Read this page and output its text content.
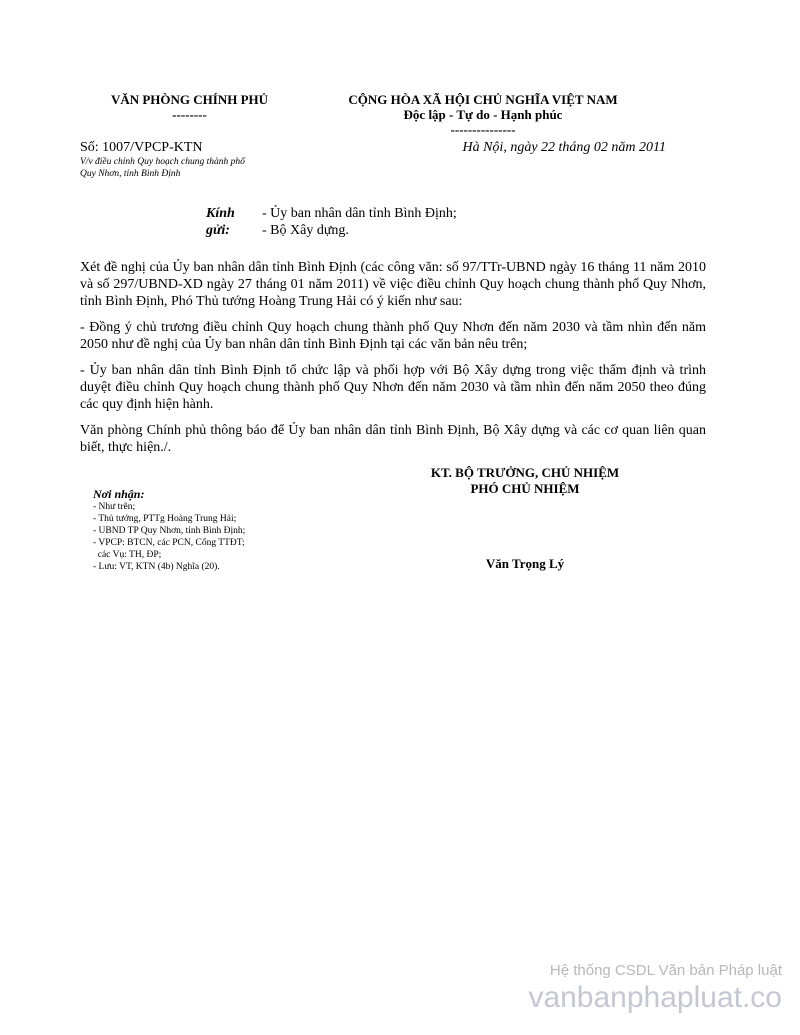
VĂN PHÒNG CHÍNH PHỦ
--------
CỘNG HÒA XÃ HỘI CHỦ NGHĨA VIỆT NAM
Độc lập - Tự do - Hạnh phúc
---------------
Số: 1007/VPCP-KTN
V/v điều chỉnh Quy hoạch chung thành phố
Quy Nhơn, tỉnh Bình Định
Hà Nội, ngày 22 tháng 02 năm 2011
Kính gửi:
- Ủy ban nhân dân tỉnh Bình Định;
- Bộ Xây dựng.

Xét đề nghị của Ủy ban nhân dân tỉnh Bình Định (các công văn: số 97/TTr-UBND ngày 16 tháng 11 năm 2010 và số 297/UBND-XD ngày 27 tháng 01 năm 2011) về việc điều chỉnh Quy hoạch chung thành phố Quy Nhơn, tỉnh Bình Định, Phó Thủ tướng Hoàng Trung Hải có ý kiến như sau:

- Đồng ý chủ trương điều chỉnh Quy hoạch chung thành phố Quy Nhơn đến năm 2030 và tầm nhìn đến năm 2050 như đề nghị của Ủy ban nhân dân tỉnh Bình Định tại các văn bản nêu trên;

- Ủy ban nhân dân tỉnh Bình Định tổ chức lập và phối hợp với Bộ Xây dựng trong việc thẩm định và trình duyệt điều chỉnh Quy hoạch chung thành phố Quy Nhơn đến năm 2030 và tầm nhìn đến năm 2050 theo đúng các quy định hiện hành.

Văn phòng Chính phủ thông báo để Ủy ban nhân dân tỉnh Bình Định, Bộ Xây dựng và các cơ quan liên quan biết, thực hiện./.

KT. BỘ TRƯỞNG, CHỦ NHIỆM
PHÓ CHỦ NHIỆM
Văn Trọng Lý
Nơi nhận:
- Như trên;
- Thủ tướng, PTTg Hoàng Trung Hải;
- UBND TP Quy Nhơn, tỉnh Bình Định;
- VPCP: BTCN, các PCN, Cổng TTĐT;
các Vụ: TH, ĐP;
- Lưu: VT, KTN (4b) Nghĩa (20).
Hệ thống CSDL Văn bản Pháp luật
vanbanphapluat.co
